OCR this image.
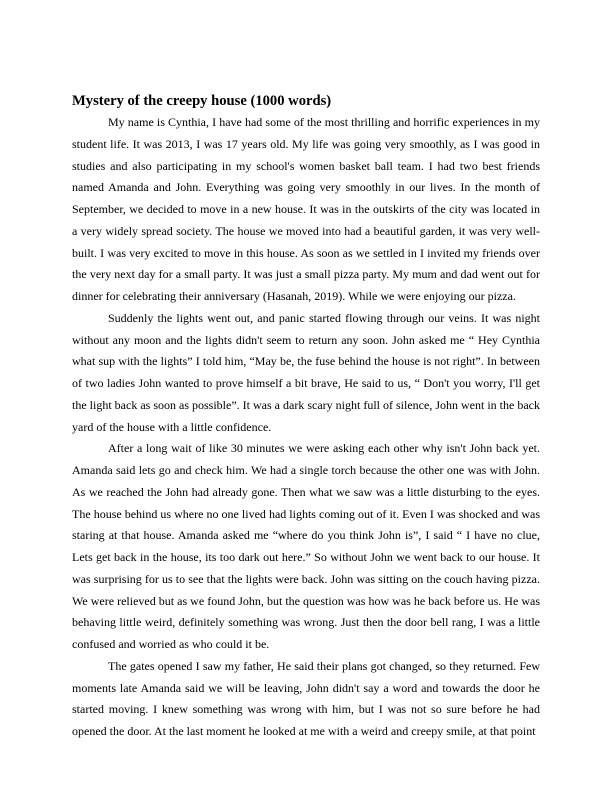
Mystery of the creepy house (1000 words)

My name is Cynthia, I have had some of the most thrilling and horrific experiences in my student life. It was 2013, I was 17 years old. My life was going very smoothly, as I was good in studies and also participating in my school's women basket ball team. I had two best friends named Amanda and John. Everything was going very smoothly in our lives. In the month of September, we decided to move in a new house. It was in the outskirts of the city was located in a very widely spread society. The house we moved into had a beautiful garden, it was very well-built. I was very excited to move in this house. As soon as we settled in I invited my friends over the very next day for a small party. It was just a small pizza party. My mum and dad went out for dinner for celebrating their anniversary (Hasanah, 2019). While we were enjoying our pizza.

Suddenly the lights went out, and panic started flowing through our veins. It was night without any moon and the lights didn't seem to return any soon. John asked me “ Hey Cynthia what sup with the lights” I told him, “May be, the fuse behind the house is not right”. In between of two ladies John wanted to prove himself a bit brave, He said to us, “ Don't you worry, I'll get the light back as soon as possible”. It was a dark scary night full of silence, John went in the back yard of the house with a little confidence.

After a long wait of like 30 minutes we were asking each other why isn't John back yet. Amanda said lets go and check him. We had a single torch because the other one was with John. As we reached the John had already gone. Then what we saw was a little disturbing to the eyes. The house behind us where no one lived had lights coming out of it. Even I was shocked and was staring at that house. Amanda asked me “where do you think John is”, I said “ I have no clue, Lets get back in the house, its too dark out here.” So without John we went back to our house. It was surprising for us to see that the lights were back. John was sitting on the couch having pizza. We were relieved but as we found John, but the question was how was he back before us. He was behaving little weird, definitely something was wrong. Just then the door bell rang, I was a little confused and worried as who could it be.

The gates opened I saw my father, He said their plans got changed, so they returned. Few moments late Amanda said we will be leaving, John didn't say a word and towards the door he started moving. I knew something was wrong with him, but I was not so sure before he had opened the door. At the last moment he looked at me with a weird and creepy smile, at that point
